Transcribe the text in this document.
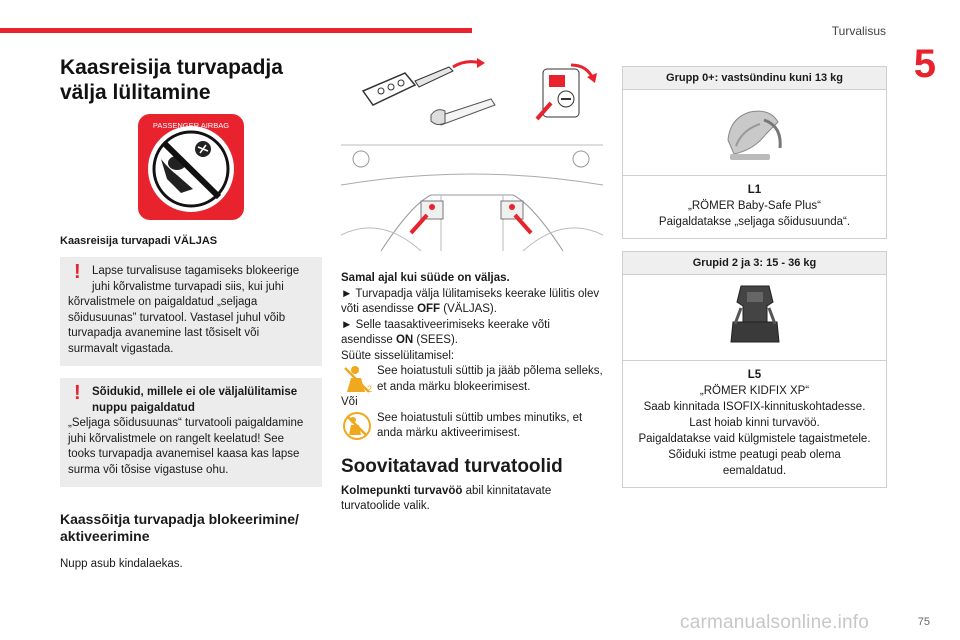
Turvalisus
5
Kaasreisija turvapadja välja lülitamine
PASSENGER AIRBAG
Kaasreisija turvapadi VÄLJAS
! Lapse turvalisuse tagamiseks blokeerige
juhi kõrvalistme turvapadi siis, kui juhi
kõrvalistmele on paigaldatud „seljaga
sõidusuunas” turvatool. Vastasel juhul võib
turvapadja avanemine last tõsiselt või
surmavalt vigastada.
! Sõidukid, millele ei ole väljalülitamise nuppu paigaldatud
„Seljaga sõidusuunas“ turvatooli paigaldamine
juhi kõrvalistmele on rangelt keelatud! See
tooks turvapadja avanemisel kaasa kas lapse
surma või tõsise vigastuse ohu.
Kaassõitja turvapadja blokeerimine/ aktiveerimine
Nupp asub kindalaekas.
Samal ajal kui süüde on väljas.
► Turvapadja välja lülitamiseks keerake lülitis olev võti asendisse OFF (VÄLJAS).
► Selle taasaktiveerimiseks keerake võti asendisse ON (SEES).
Süüte sisselülitamisel:
2
See hoiatustuli süttib ja jääb põlema selleks, et anda märku blokeerimisest.
Või
See hoiatustuli süttib umbes minutiks, et anda märku aktiveerimisest.
Soovitatavad turvatoolid
Kolmepunkti turvavöö abil kinnitatavate turvatoolide valik.
Grupp 0+: vastsündinu kuni 13 kg
L1
„RÖMER Baby-Safe Plus“
Paigaldatakse „seljaga sõidusuunda“.
Grupid 2 ja 3: 15 - 36 kg
L5
„RÖMER KIDFIX XP“
Saab kinnitada ISOFIX-kinnituskohtadesse.
Last hoiab kinni turvavöö.
Paigaldatakse vaid külgmistele tagaistmetele.
Sõiduki istme peatugi peab olema
eemaldatud.
carmanualsonline.info	75
